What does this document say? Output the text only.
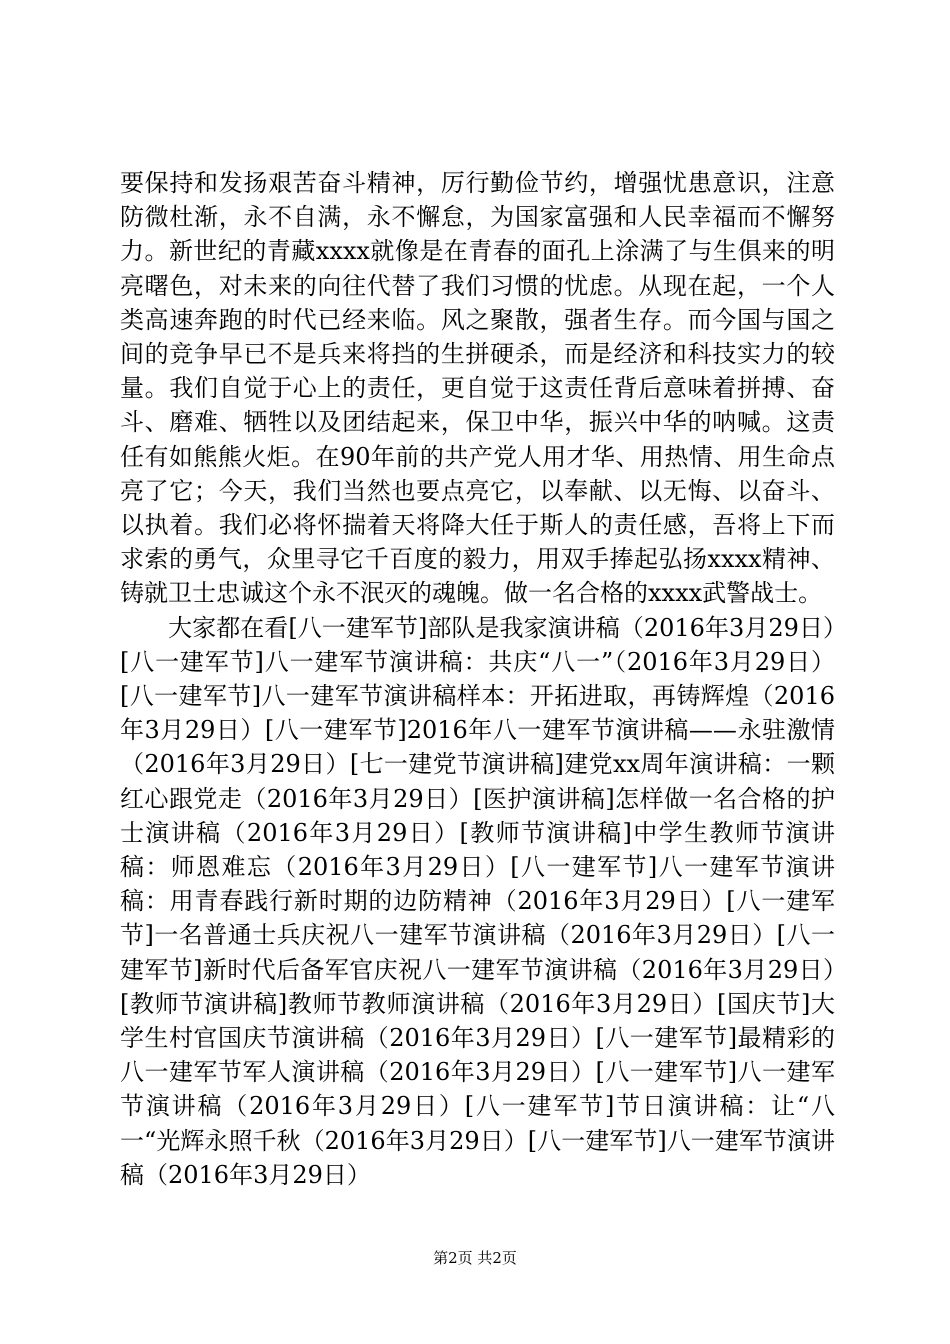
要保持和发扬艰苦奋斗精神，厉行勤俭节约，增强忧患意识，注意防微杜渐，永不自满，永不懈怠，为国家富强和人民幸福而不懈努力。新世纪的青藏xxxx就像是在青春的面孔上涂满了与生俱来的明亮曙色，对未来的向往代替了我们习惯的忧虑。从现在起，一个人类高速奔跑的时代已经来临。风之聚散，强者生存。而今国与国之间的竞争早已不是兵来将挡的生拼硬杀，而是经济和科技实力的较量。我们自觉于心上的责任，更自觉于这责任背后意味着拼搏、奋斗、磨难、牺牲以及团结起来，保卫中华，振兴中华的呐喊。这责任有如熊熊火炬。在90年前的共产党人用才华、用热情、用生命点亮了它；今天，我们当然也要点亮它，以奉献、以无悔、以奋斗、以执着。我们必将怀揣着天将降大任于斯人的责任感，吾将上下而求索的勇气，众里寻它千百度的毅力，用双手捧起弘扬xxxx精神、铸就卫士忠诚这个永不泯灭的魂魄。做一名合格的xxxx武警战士。

　　大家都在看[八一建军节]部队是我家演讲稿（2016年3月29日）[八一建军节]八一建军节演讲稿：共庆“八一”（2016年3月29日）[八一建军节]八一建军节演讲稿样本：开拓进取，再铸辉煌（2016年3月29日）[八一建军节]2016年八一建军节演讲稿——永驻激情（2016年3月29日）[七一建党节演讲稿]建党xx周年演讲稿：一颗红心跟党走（2016年3月29日）[医护演讲稿]怎样做一名合格的护士演讲稿（2016年3月29日）[教师节演讲稿]中学生教师节演讲稿：师恩难忘（2016年3月29日）[八一建军节]八一建军节演讲稿：用青春践行新时期的边防精神（2016年3月29日）[八一建军节]一名普通士兵庆祝八一建军节演讲稿（2016年3月29日）[八一建军节]新时代后备军官庆祝八一建军节演讲稿（2016年3月29日）[教师节演讲稿]教师节教师演讲稿（2016年3月29日）[国庆节]大学生村官国庆节演讲稿（2016年3月29日）[八一建军节]最精彩的八一建军节军人演讲稿（2016年3月29日）[八一建军节]八一建军节演讲稿（2016年3月29日）[八一建军节]节日演讲稿：让“八一“光辉永照千秋（2016年3月29日）[八一建军节]八一建军节演讲稿（2016年3月29日）

第2页 共2页
